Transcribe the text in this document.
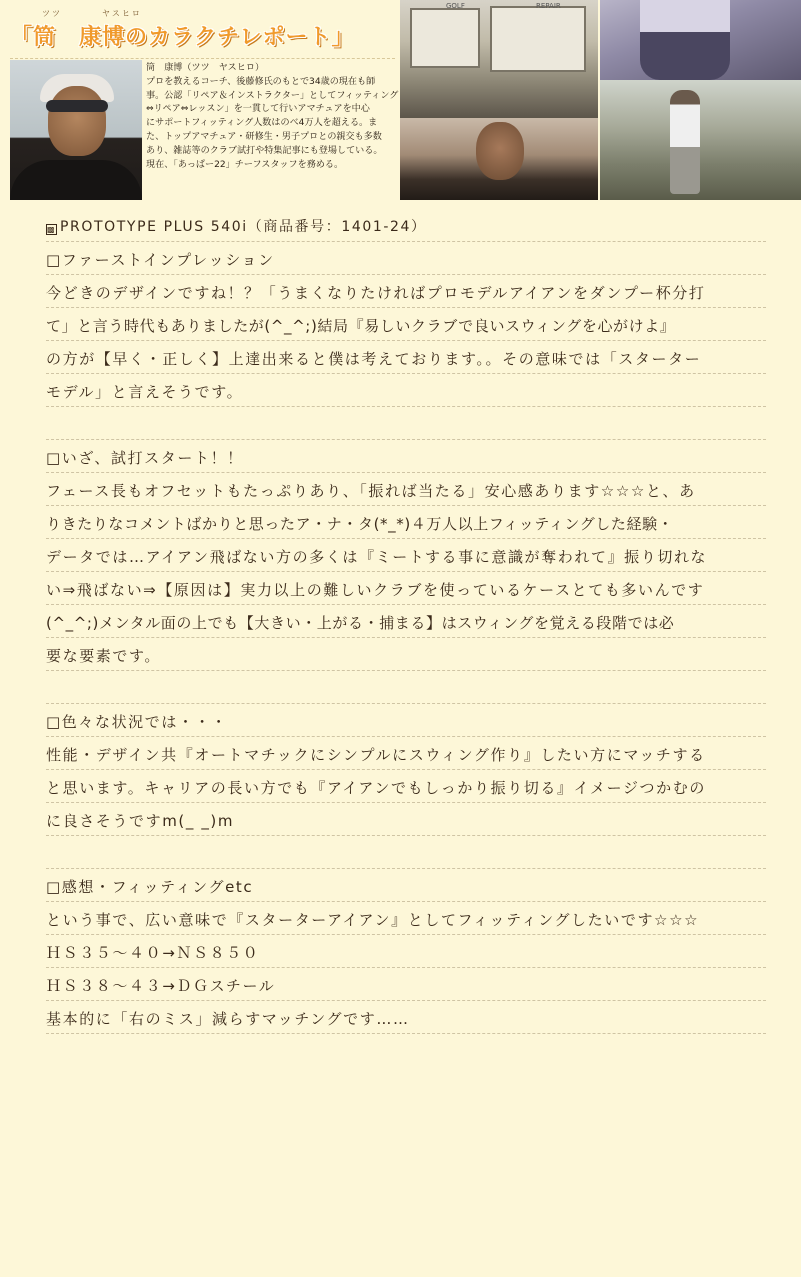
ツツ	ヤスヒロ
「筒　康博のカラクチレポート」

筒　康博（ツツ　ヤスヒロ）

プロを教えるコーチ、後藤修氏のもとで34歳の現在も師

事。公認「リペア＆インストラクター」としてフィッティング

⇔リペア⇔レッスン」を一貫して行いアマチュアを中心

にサポートフィッティング人数はのべ4万人を超える。ま

た、トップアマチュア・研修生・男子プロとの親交も多数

あり、雑誌等のクラブ試打や特集記事にも登場している。

現在、「あっぱー22」チーフスタッフを務める。

GOLF	REPAIR
▩ PROTOTYPE PLUS 540i（商品番号：1401-24）
□ファーストインプレッション
今どきのデザインですね！？「うまくなりたければプロモデルアイアンをダンプー杯分打
て」と言う時代もありましたが(^_^;)結局『易しいクラブで良いスウィングを心がけよ』
の方が【早く・正しく】上達出来ると僕は考えております。。その意味では「スターター
モデル」と言えそうです。
□いざ、試打スタート！！
フェース長もオフセットもたっぷりあり、「振れば当たる」安心感あります☆☆☆と、あ
りきたりなコメントばかりと思ったア・ナ・タ(*_*)４万人以上フィッティングした経験・
データでは…アイアン飛ばない方の多くは『ミートする事に意識が奪われて』振り切れな
い⇒飛ばない⇒【原因は】実力以上の難しいクラブを使っているケースとても多いんです
(^_^;)メンタル面の上でも【大きい・上がる・捕まる】はスウィングを覚える段階では必
要な要素です。
□色々な状況では・・・
性能・デザイン共『オートマチックにシンプルにスウィング作り』したい方にマッチする
と思います。キャリアの長い方でも『アイアンでもしっかり振り切る』イメージつかむの
に良さそうですm(_ _)m
□感想・フィッティングetc
という事で、広い意味で『スターターアイアン』としてフィッティングしたいです☆☆☆
ＨＳ３５～４０→ＮＳ８５０
ＨＳ３８～４３→ＤＧスチール
基本的に「右のミス」減らすマッチングです……
